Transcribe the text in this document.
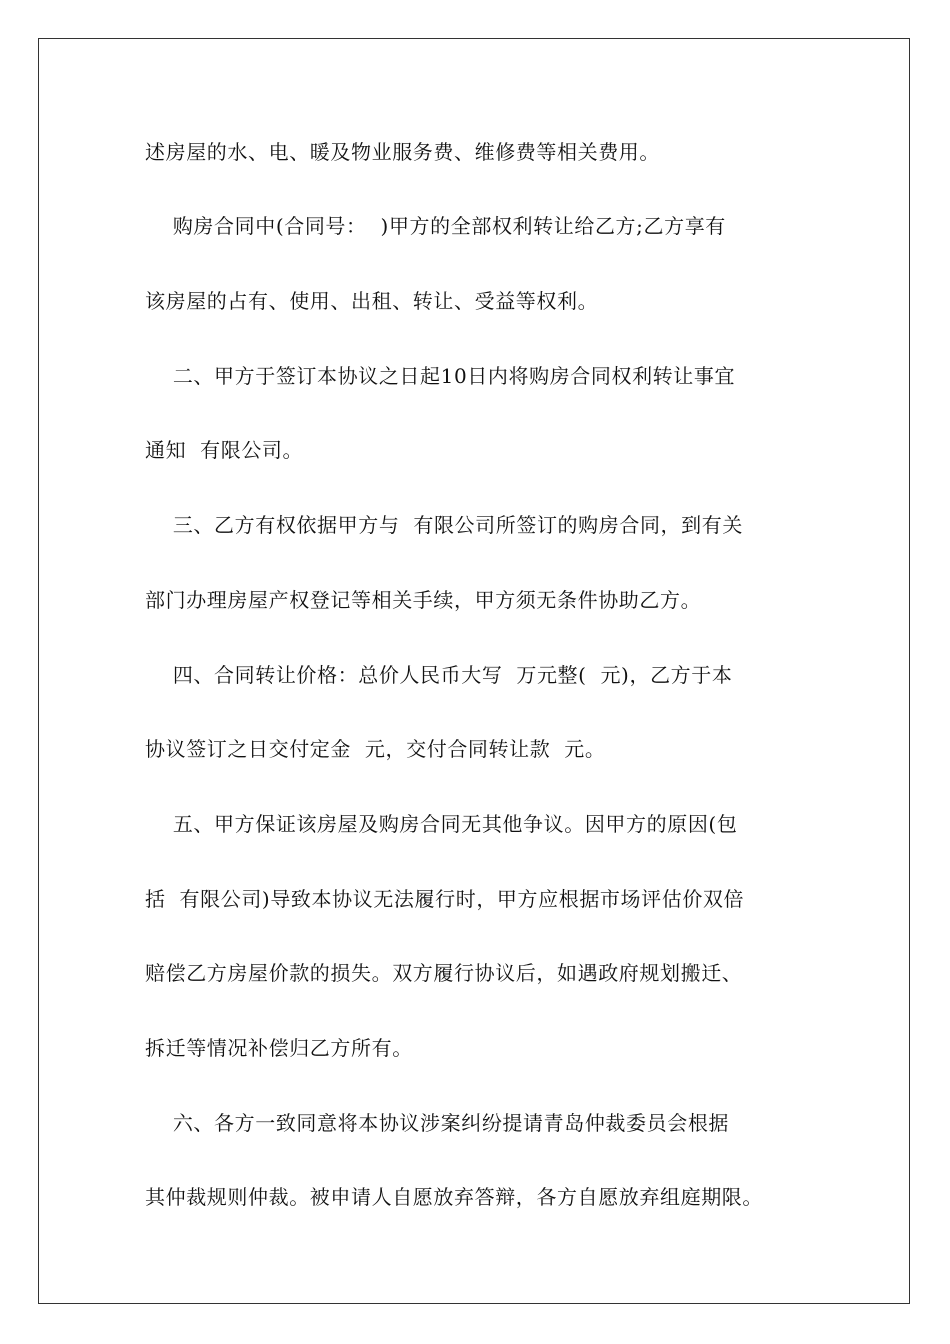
述房屋的水、电、暖及物业服务费、维修费等相关费用。

购房合同中(合同号：  )甲方的全部权利转让给乙方;乙方享有

该房屋的占有、使用、出租、转让、受益等权利。

二、甲方于签订本协议之日起10日内将购房合同权利转让事宜

通知  有限公司。

三、乙方有权依据甲方与  有限公司所签订的购房合同，到有关

部门办理房屋产权登记等相关手续，甲方须无条件协助乙方。

四、合同转让价格：总价人民币大写  万元整(  元)，乙方于本

协议签订之日交付定金  元，交付合同转让款  元。

五、甲方保证该房屋及购房合同无其他争议。因甲方的原因(包

括  有限公司)导致本协议无法履行时，甲方应根据市场评估价双倍

赔偿乙方房屋价款的损失。双方履行协议后，如遇政府规划搬迁、

拆迁等情况补偿归乙方所有。

六、各方一致同意将本协议涉案纠纷提请青岛仲裁委员会根据

其仲裁规则仲裁。被申请人自愿放弃答辩，各方自愿放弃组庭期限。
